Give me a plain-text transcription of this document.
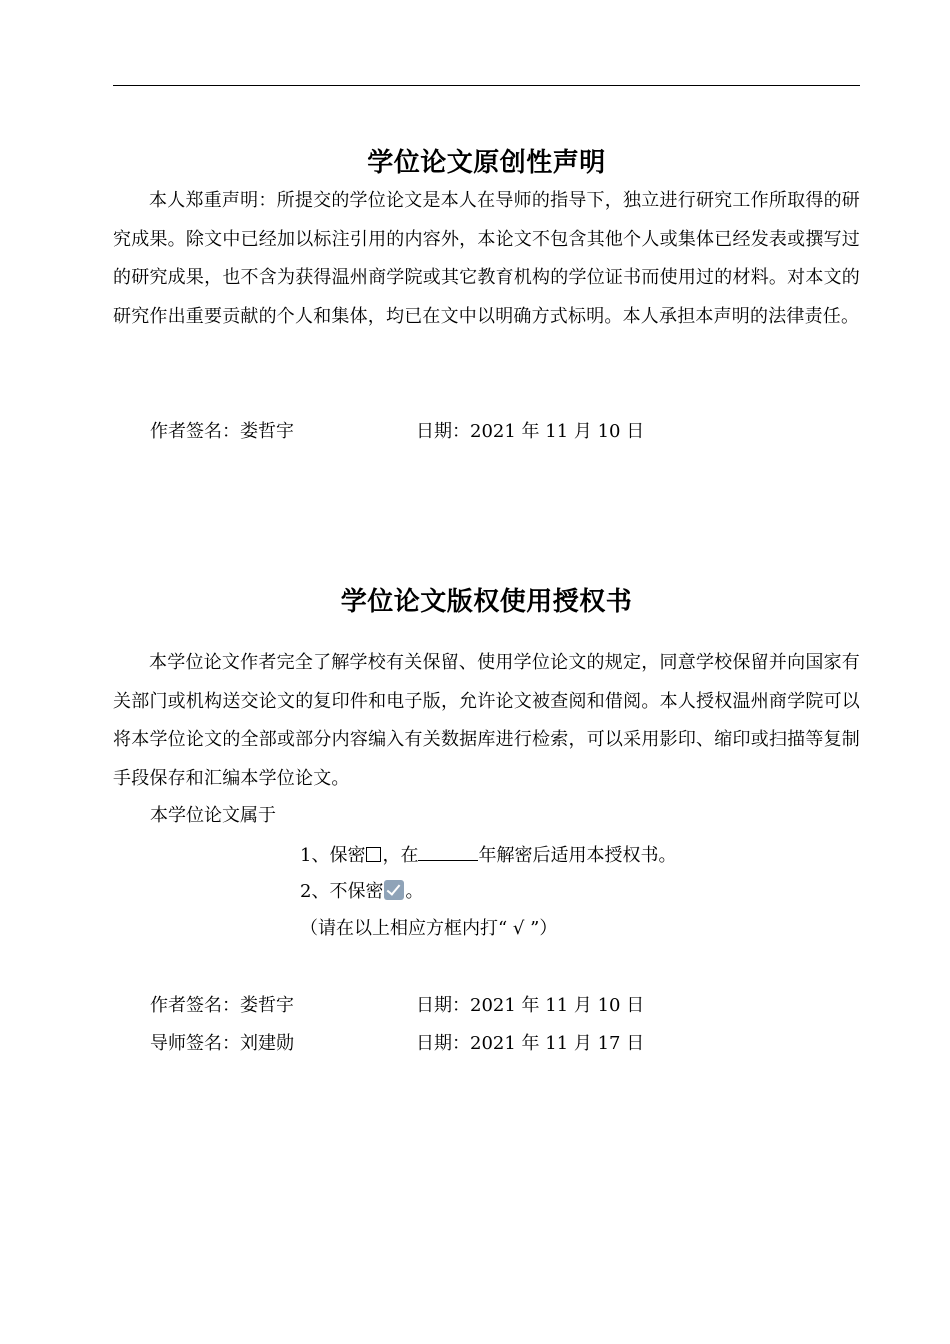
学位论文原创性声明

本人郑重声明：所提交的学位论文是本人在导师的指导下，独立进行研究工作所取得的研究成果。除文中已经加以标注引用的内容外，本论文不包含其他个人或集体已经发表或撰写过的研究成果，也不含为获得温州商学院或其它教育机构的学位证书而使用过的材料。对本文的研究作出重要贡献的个人和集体，均已在文中以明确方式标明。本人承担本声明的法律责任。

作者签名：娄哲宇	日期：2021 年 11 月 10 日
学位论文版权使用授权书

本学位论文作者完全了解学校有关保留、使用学位论文的规定，同意学校保留并向国家有关部门或机构送交论文的复印件和电子版，允许论文被查阅和借阅。本人授权温州商学院可以将本学位论文的全部或部分内容编入有关数据库进行检索，可以采用影印、缩印或扫描等复制手段保存和汇编本学位论文。

本学位论文属于
1、保密 ，在	年解密后适用本授权书。
2、不保密 。
（请在以上相应方框内打“ √ ”）
作者签名：娄哲宇	日期：2021 年 11 月 10 日
导师签名：刘建勋	日期：2021 年 11 月 17 日
